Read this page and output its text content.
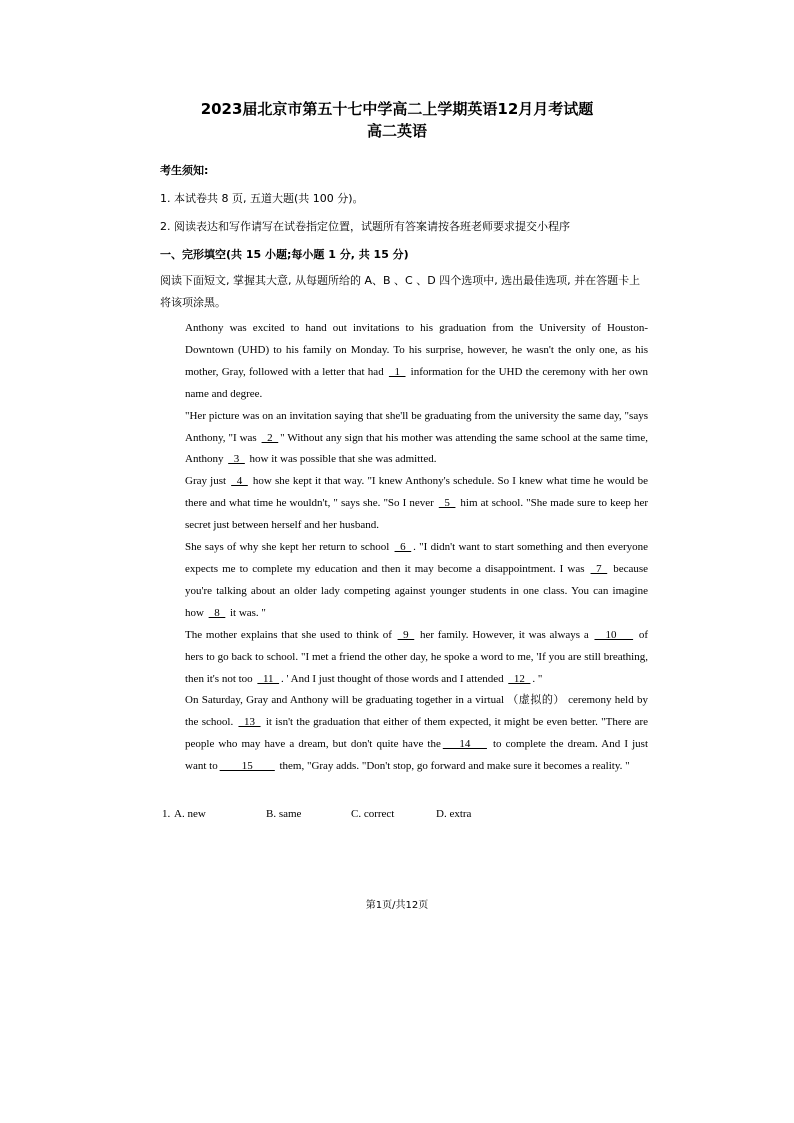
2023届北京市第五十七中学高二上学期英语12月月考试题
高二英语
考生须知:
1. 本试卷共 8 页, 五道大题(共 100 分)。
2. 阅读表达和写作请写在试卷指定位置，试题所有答案请按各班老师要求提交小程序
一、完形填空(共 15 小题;每小题 1 分, 共 15 分)
阅读下面短文, 掌握其大意, 从每题所给的 A、B 、C 、D 四个选项中, 选出最佳选项, 并在答题卡上将该项涂黑。
Anthony was excited to hand out invitations to his graduation from the University of Houston-Downtown (UHD) to his family on Monday. To his surprise, however, he wasn't the only one, as his mother, Gray, followed with a letter that had _1_ information for the UHD the ceremony with her own name and degree.
"Her picture was on an invitation saying that she'll be graduating from the university the same day, "says Anthony, "I was _2_ " Without any sign that his mother was attending the same school at the same time, Anthony _3_ how it was possible that she was admitted.
Gray just _4_ how she kept it that way. "I knew Anthony's schedule. So I knew what time he would be there and what time he wouldn't, " says she. "So I never _5_ him at school. "She made sure to keep her secret just between herself and her husband.
She says of why she kept her return to school _6_ . "I didn't want to start something and then everyone expects me to complete my education and then it may become a disappointment. I was _7_ because you're talking about an older lady competing against younger students in one class. You can imagine how _8_ it was. "
The mother explains that she used to think of _9_ her family. However, it was always a __10___ of hers to go back to school. "I met a friend the other day, he spoke a word to me, 'If you are still breathing, then it's not too _11_ . ' And I just thought of those words and I attended _12_ . "
On Saturday, Gray and Anthony will be graduating together in a virtual （虚拟的） ceremony held by the school. _13_ it isn't the graduation that either of them expected, it might be even better. "There are people who may have a dream, but don't quite have the ___14___ to complete the dream. And I just want to ____15____ them, "Gray adds. "Don't stop, go forward and make sure it becomes a reality. "
1. A. new	B. same	C. correct	D. extra
第1页/共12页
